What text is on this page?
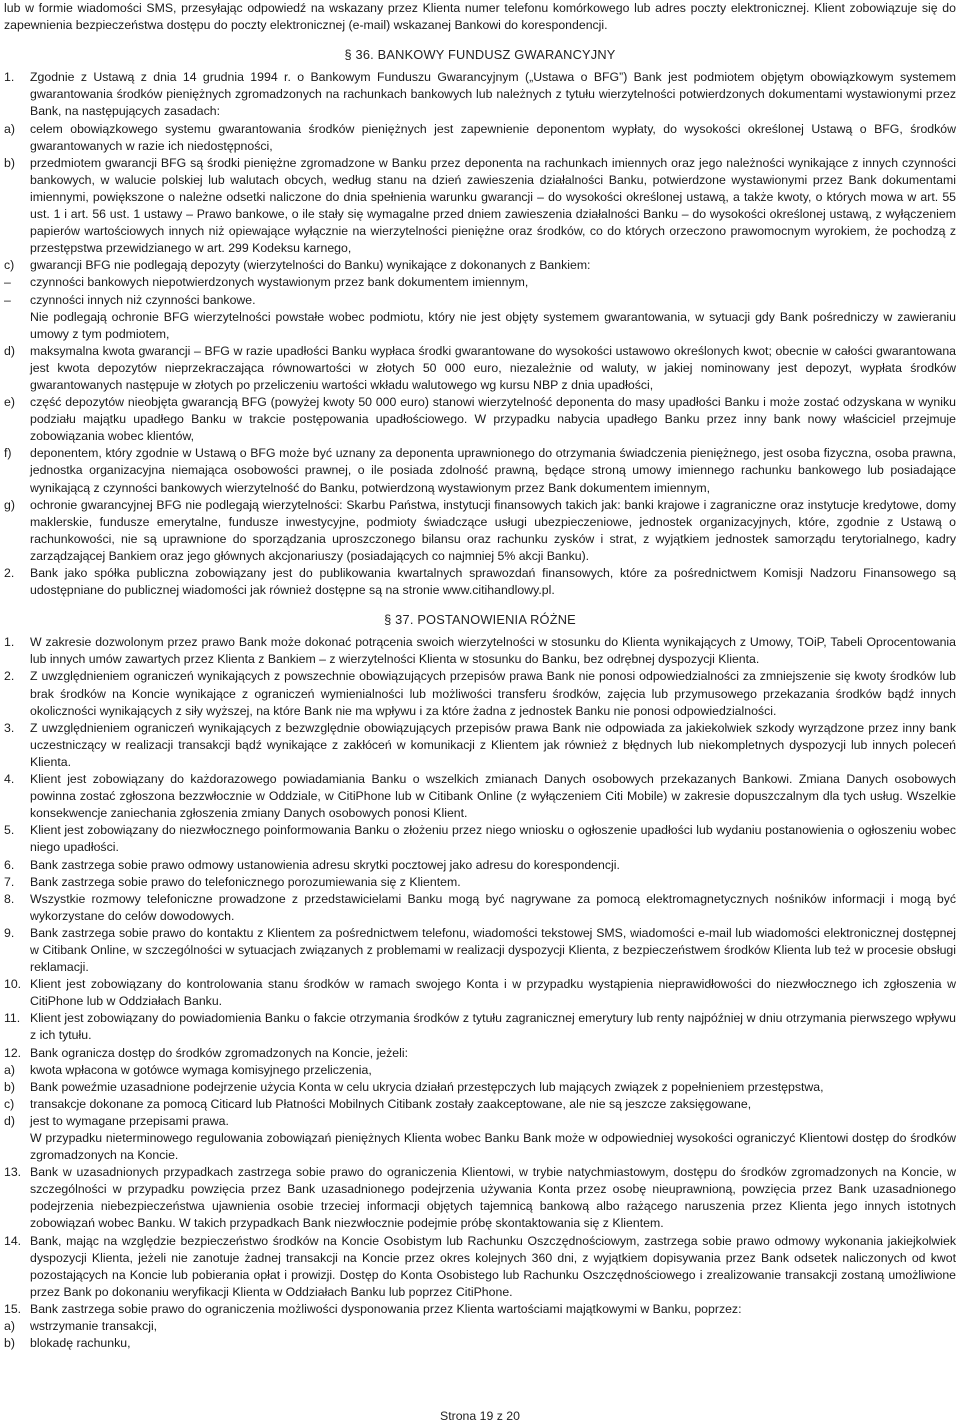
lub w formie wiadomości SMS, przesyłając odpowiedź na wskazany przez Klienta numer telefonu komórkowego lub adres poczty elektronicznej. Klient zobowiązuje się do zapewnienia bezpieczeństwa dostępu do poczty elektronicznej (e-mail) wskazanej Bankowi do korespondencji.

§ 36. BANKOWY FUNDUSZ GWARANCYJNY
1.	Zgodnie z Ustawą z dnia 14 grudnia 1994 r. o Bankowym Funduszu Gwarancyjnym („Ustawa o BFG”) Bank jest podmiotem objętym obowiązkowym systemem gwarantowania środków pieniężnych zgromadzonych na rachunkach bankowych lub należnych z tytułu wierzytelności potwierdzonych dokumentami wystawionymi przez Bank, na następujących zasadach:
a)	celem obowiązkowego systemu gwarantowania środków pieniężnych jest zapewnienie deponentom wypłaty, do wysokości określonej Ustawą o BFG, środków gwarantowanych w razie ich niedostępności,
b)	przedmiotem gwarancji BFG są środki pieniężne zgromadzone w Banku przez deponenta na rachunkach imiennych oraz jego należności wynikające z innych czynności bankowych, w walucie polskiej lub walutach obcych, według stanu na dzień zawieszenia działalności Banku, potwierdzone wystawionymi przez Bank dokumentami imiennymi, powiększone o należne odsetki naliczone do dnia spełnienia warunku gwarancji – do wysokości określonej ustawą, a także kwoty, o których mowa w art. 55 ust. 1 i art. 56 ust. 1 ustawy – Prawo bankowe, o ile stały się wymagalne przed dniem zawieszenia działalności Banku – do wysokości określonej ustawą, z wyłączeniem papierów wartościowych innych niż opiewające wyłącznie na wierzytelności pieniężne oraz środków, co do których orzeczono prawomocnym wyrokiem, że pochodzą z przestępstwa przewidzianego w art. 299 Kodeksu karnego,
c)	gwarancji BFG nie podlegają depozyty (wierzytelności do Banku) wynikające z dokonanych z Bankiem:
–	czynności bankowych niepotwierdzonych wystawionym przez bank dokumentem imiennym,
–	czynności innych niż czynności bankowe.
Nie podlegają ochronie BFG wierzytelności powstałe wobec podmiotu, który nie jest objęty systemem gwarantowania, w sytuacji gdy Bank pośredniczy w zawieraniu umowy z tym podmiotem,
d)	maksymalna kwota gwarancji – BFG w razie upadłości Banku wypłaca środki gwarantowane do wysokości ustawowo określonych kwot; obecnie w całości gwarantowana jest kwota depozytów nieprzekraczająca równowartości w złotych 50 000 euro, niezależnie od waluty, w jakiej nominowany jest depozyt, wypłata środków gwarantowanych następuje w złotych po przeliczeniu wartości wkładu walutowego wg kursu NBP z dnia upadłości,
e)	część depozytów nieobjęta gwarancją BFG (powyżej kwoty 50 000 euro) stanowi wierzytelność deponenta do masy upadłości Banku i może zostać odzyskana w wyniku podziału majątku upadłego Banku w trakcie postępowania upadłościowego. W przypadku nabycia upadłego Banku przez inny bank nowy właściciel przejmuje zobowiązania wobec klientów,
f)	deponentem, który zgodnie w Ustawą o BFG może być uznany za deponenta uprawnionego do otrzymania świadczenia pieniężnego, jest osoba fizyczna, osoba prawna, jednostka organizacyjna niemająca osobowości prawnej, o ile posiada zdolność prawną, będące stroną umowy imiennego rachunku bankowego lub posiadające wynikającą z czynności bankowych wierzytelność do Banku, potwierdzoną wystawionym przez Bank dokumentem imiennym,
g)	ochronie gwarancyjnej BFG nie podlegają wierzytelności: Skarbu Państwa, instytucji finansowych takich jak: banki krajowe i zagraniczne oraz instytucje kredytowe, domy maklerskie, fundusze emerytalne, fundusze inwestycyjne, podmioty świadczące usługi ubezpieczeniowe, jednostek organizacyjnych, które, zgodnie z Ustawą o rachunkowości, nie są uprawnione do sporządzania uproszczonego bilansu oraz rachunku zysków i strat, z wyjątkiem jednostek samorządu terytorialnego, kadry zarządzającej Bankiem oraz jego głównych akcjonariuszy (posiadających co najmniej 5% akcji Banku).
2.	Bank jako spółka publiczna zobowiązany jest do publikowania kwartalnych sprawozdań finansowych, które za pośrednictwem Komisji Nadzoru Finansowego są udostępniane do publicznej wiadomości jak również dostępne są na stronie www.citihandlowy.pl.
§ 37. POSTANOWIENIA RÓŻNE
1.	W zakresie dozwolonym przez prawo Bank może dokonać potrącenia swoich wierzytelności w stosunku do Klienta wynikających z Umowy, TOiP, Tabeli Oprocentowania lub innych umów zawartych przez Klienta z Bankiem – z wierzytelności Klienta w stosunku do Banku, bez odrębnej dyspozycji Klienta.
2.	Z uwzględnieniem ograniczeń wynikających z powszechnie obowiązujących przepisów prawa Bank nie ponosi odpowiedzialności za zmniejszenie się kwoty środków lub brak środków na Koncie wynikające z ograniczeń wymienialności lub możliwości transferu środków, zajęcia lub przymusowego przekazania środków bądź innych okoliczności wynikających z siły wyższej, na które Bank nie ma wpływu i za które żadna z jednostek Banku nie ponosi odpowiedzialności.
3.	Z uwzględnieniem ograniczeń wynikających z bezwzględnie obowiązujących przepisów prawa Bank nie odpowiada za jakiekolwiek szkody wyrządzone przez inny bank uczestniczący w realizacji transakcji bądź wynikające z zakłóceń w komunikacji z Klientem jak również z błędnych lub niekompletnych dyspozycji lub innych poleceń Klienta.
4.	Klient jest zobowiązany do każdorazowego powiadamiania Banku o wszelkich zmianach Danych osobowych przekazanych Bankowi. Zmiana Danych osobowych powinna zostać zgłoszona bezzwłocznie w Oddziale, w CitiPhone lub w Citibank Online (z wyłączeniem Citi Mobile) w zakresie dopuszczalnym dla tych usług. Wszelkie konsekwencje zaniechania zgłoszenia zmiany Danych osobowych ponosi Klient.
5.	Klient jest zobowiązany do niezwłocznego poinformowania Banku o złożeniu przez niego wniosku o ogłoszenie upadłości lub wydaniu postanowienia o ogłoszeniu wobec niego upadłości.
6.	Bank zastrzega sobie prawo odmowy ustanowienia adresu skrytki pocztowej jako adresu do korespondencji.
7.	Bank zastrzega sobie prawo do telefonicznego porozumiewania się z Klientem.
8.	Wszystkie rozmowy telefoniczne prowadzone z przedstawicielami Banku mogą być nagrywane za pomocą elektromagnetycznych nośników informacji i mogą być wykorzystane do celów dowodowych.
9.	Bank zastrzega sobie prawo do kontaktu z Klientem za pośrednictwem telefonu, wiadomości tekstowej SMS, wiadomości e-mail lub wiadomości elektronicznej dostępnej w Citibank Online, w szczególności w sytuacjach związanych z problemami w realizacji dyspozycji Klienta, z bezpieczeństwem środków Klienta lub też w procesie obsługi reklamacji.
10. Klient jest zobowiązany do kontrolowania stanu środków w ramach swojego Konta i w przypadku wystąpienia nieprawidłowości do niezwłocznego ich zgłoszenia w CitiPhone lub w Oddziałach Banku.
11. Klient jest zobowiązany do powiadomienia Banku o fakcie otrzymania środków z tytułu zagranicznej emerytury lub renty najpóźniej w dniu otrzymania pierwszego wpływu z ich tytułu.
12. Bank ogranicza dostęp do środków zgromadzonych na Koncie, jeżeli:
a)	kwota wpłacona w gotówce wymaga komisyjnego przeliczenia,
b)	Bank poweźmie uzasadnione podejrzenie użycia Konta w celu ukrycia działań przestępczych lub mających związek z popełnieniem przestępstwa,
c)	transakcje dokonane za pomocą Citicard lub Płatności Mobilnych Citibank zostały zaakceptowane, ale nie są jeszcze zaksięgowane,
d)	jest to wymagane przepisami prawa.
W przypadku nieterminowego regulowania zobowiązań pieniężnych Klienta wobec Banku Bank może w odpowiedniej wysokości ograniczyć Klientowi dostęp do środków zgromadzonych na Koncie.
13. Bank w uzasadnionych przypadkach zastrzega sobie prawo do ograniczenia Klientowi, w trybie natychmiastowym, dostępu do środków zgromadzonych na Koncie, w szczególności w przypadku powzięcia przez Bank uzasadnionego podejrzenia używania Konta przez osobę nieuprawnioną, powzięcia przez Bank uzasadnionego podejrzenia niebezpieczeństwa ujawnienia osobie trzeciej informacji objętych tajemnicą bankową albo rażącego naruszenia przez Klienta jego innych istotnych zobowiązań wobec Banku. W takich przypadkach Bank niezwłocznie podejmie próbę skontaktowania się z Klientem.
14. Bank, mając na względzie bezpieczeństwo środków na Koncie Osobistym lub Rachunku Oszczędnościowym, zastrzega sobie prawo odmowy wykonania jakiejkolwiek dyspozycji Klienta, jeżeli nie zanotuje żadnej transakcji na Koncie przez okres kolejnych 360 dni, z wyjątkiem dopisywania przez Bank odsetek naliczonych od kwot pozostających na Koncie lub pobierania opłat i prowizji. Dostęp do Konta Osobistego lub Rachunku Oszczędnościowego i zrealizowanie transakcji zostaną umożliwione przez Bank po dokonaniu weryfikacji Klienta w Oddziałach Banku lub poprzez CitiPhone.
15. Bank zastrzega sobie prawo do ograniczenia możliwości dysponowania przez Klienta wartościami majątkowymi w Banku, poprzez:
a)	wstrzymanie transakcji,
b)	blokadę rachunku,
Strona 19 z 20
